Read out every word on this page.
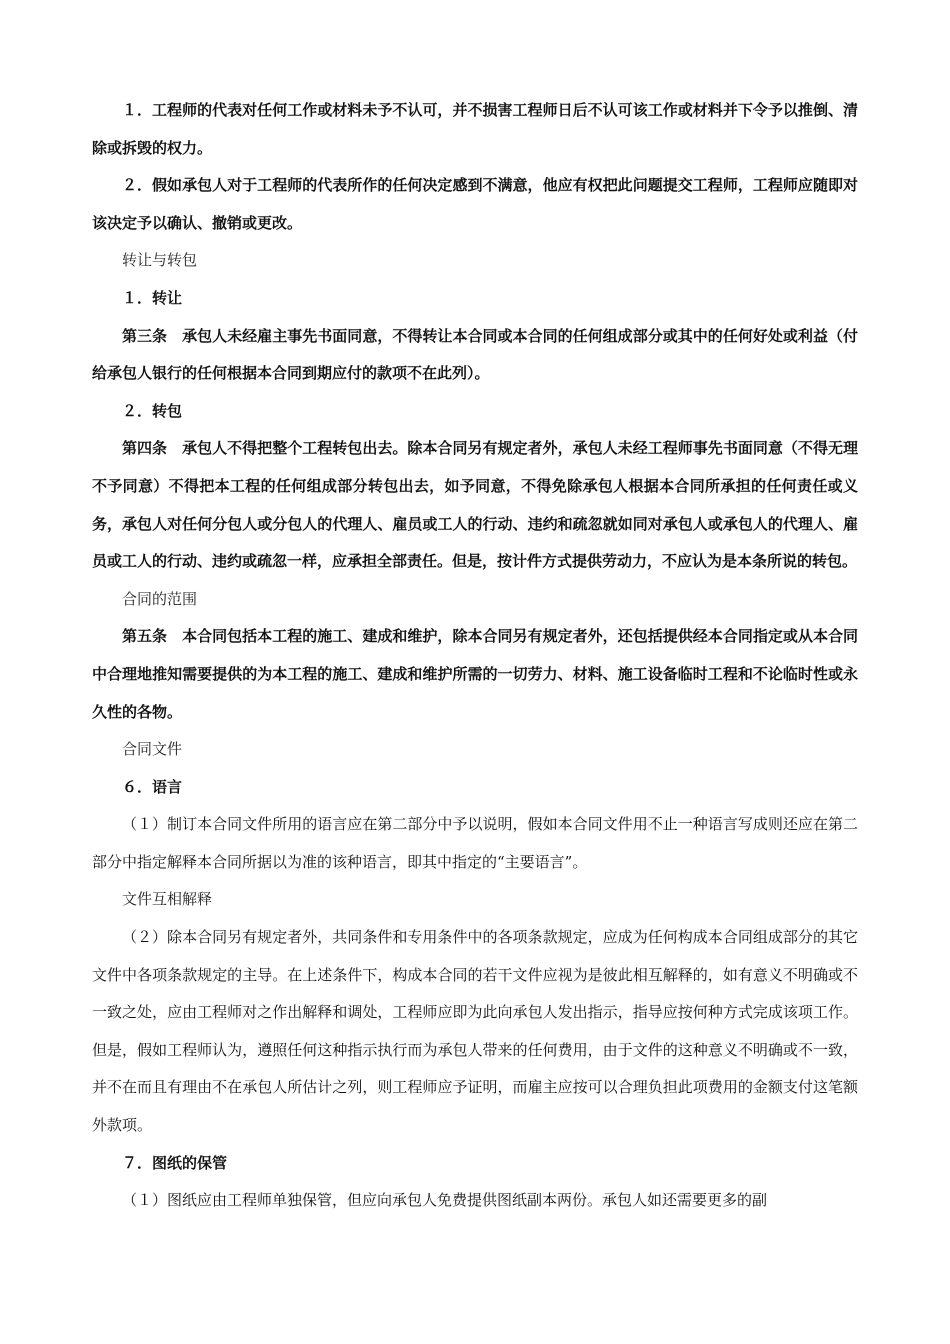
１．工程师的代表对任何工作或材料未予不认可，并不损害工程师日后不认可该工作或材料并下令予以推倒、清除或拆毁的权力。

２．假如承包人对于工程师的代表所作的任何决定感到不满意，他应有权把此问题提交工程师，工程师应随即对该决定予以确认、撤销或更改。

转让与转包

１．转让

第三条　承包人未经雇主事先书面同意，不得转让本合同或本合同的任何组成部分或其中的任何好处或利益（付给承包人银行的任何根据本合同到期应付的款项不在此列）。

２．转包

第四条　承包人不得把整个工程转包出去。除本合同另有规定者外，承包人未经工程师事先书面同意（不得无理不予同意）不得把本工程的任何组成部分转包出去，如予同意，不得免除承包人根据本合同所承担的任何责任或义务，承包人对任何分包人或分包人的代理人、雇员或工人的行动、违约和疏忽就如同对承包人或承包人的代理人、雇员或工人的行动、违约或疏忽一样，应承担全部责任。但是，按计件方式提供劳动力，不应认为是本条所说的转包。

合同的范围

第五条　本合同包括本工程的施工、建成和维护，除本合同另有规定者外，还包括提供经本合同指定或从本合同中合理地推知需要提供的为本工程的施工、建成和维护所需的一切劳力、材料、施工设备临时工程和不论临时性或永久性的各物。

合同文件

６．语言

（１）制订本合同文件所用的语言应在第二部分中予以说明，假如本合同文件用不止一种语言写成则还应在第二部分中指定解释本合同所据以为准的该种语言，即其中指定的“主要语言”。

文件互相解释

（２）除本合同另有规定者外，共同条件和专用条件中的各项条款规定，应成为任何构成本合同组成部分的其它文件中各项条款规定的主导。在上述条件下，构成本合同的若干文件应视为是彼此相互解释的，如有意义不明确或不一致之处，应由工程师对之作出解释和调处，工程师应即为此向承包人发出指示，指导应按何种方式完成该项工作。但是，假如工程师认为，遵照任何这种指示执行而为承包人带来的任何费用，由于文件的这种意义不明确或不一致，并不在而且有理由不在承包人所估计之列，则工程师应予证明，而雇主应按可以合理负担此项费用的金额支付这笔额外款项。

７．图纸的保管

（１）图纸应由工程师单独保管，但应向承包人免费提供图纸副本两份。承包人如还需要更多的副
